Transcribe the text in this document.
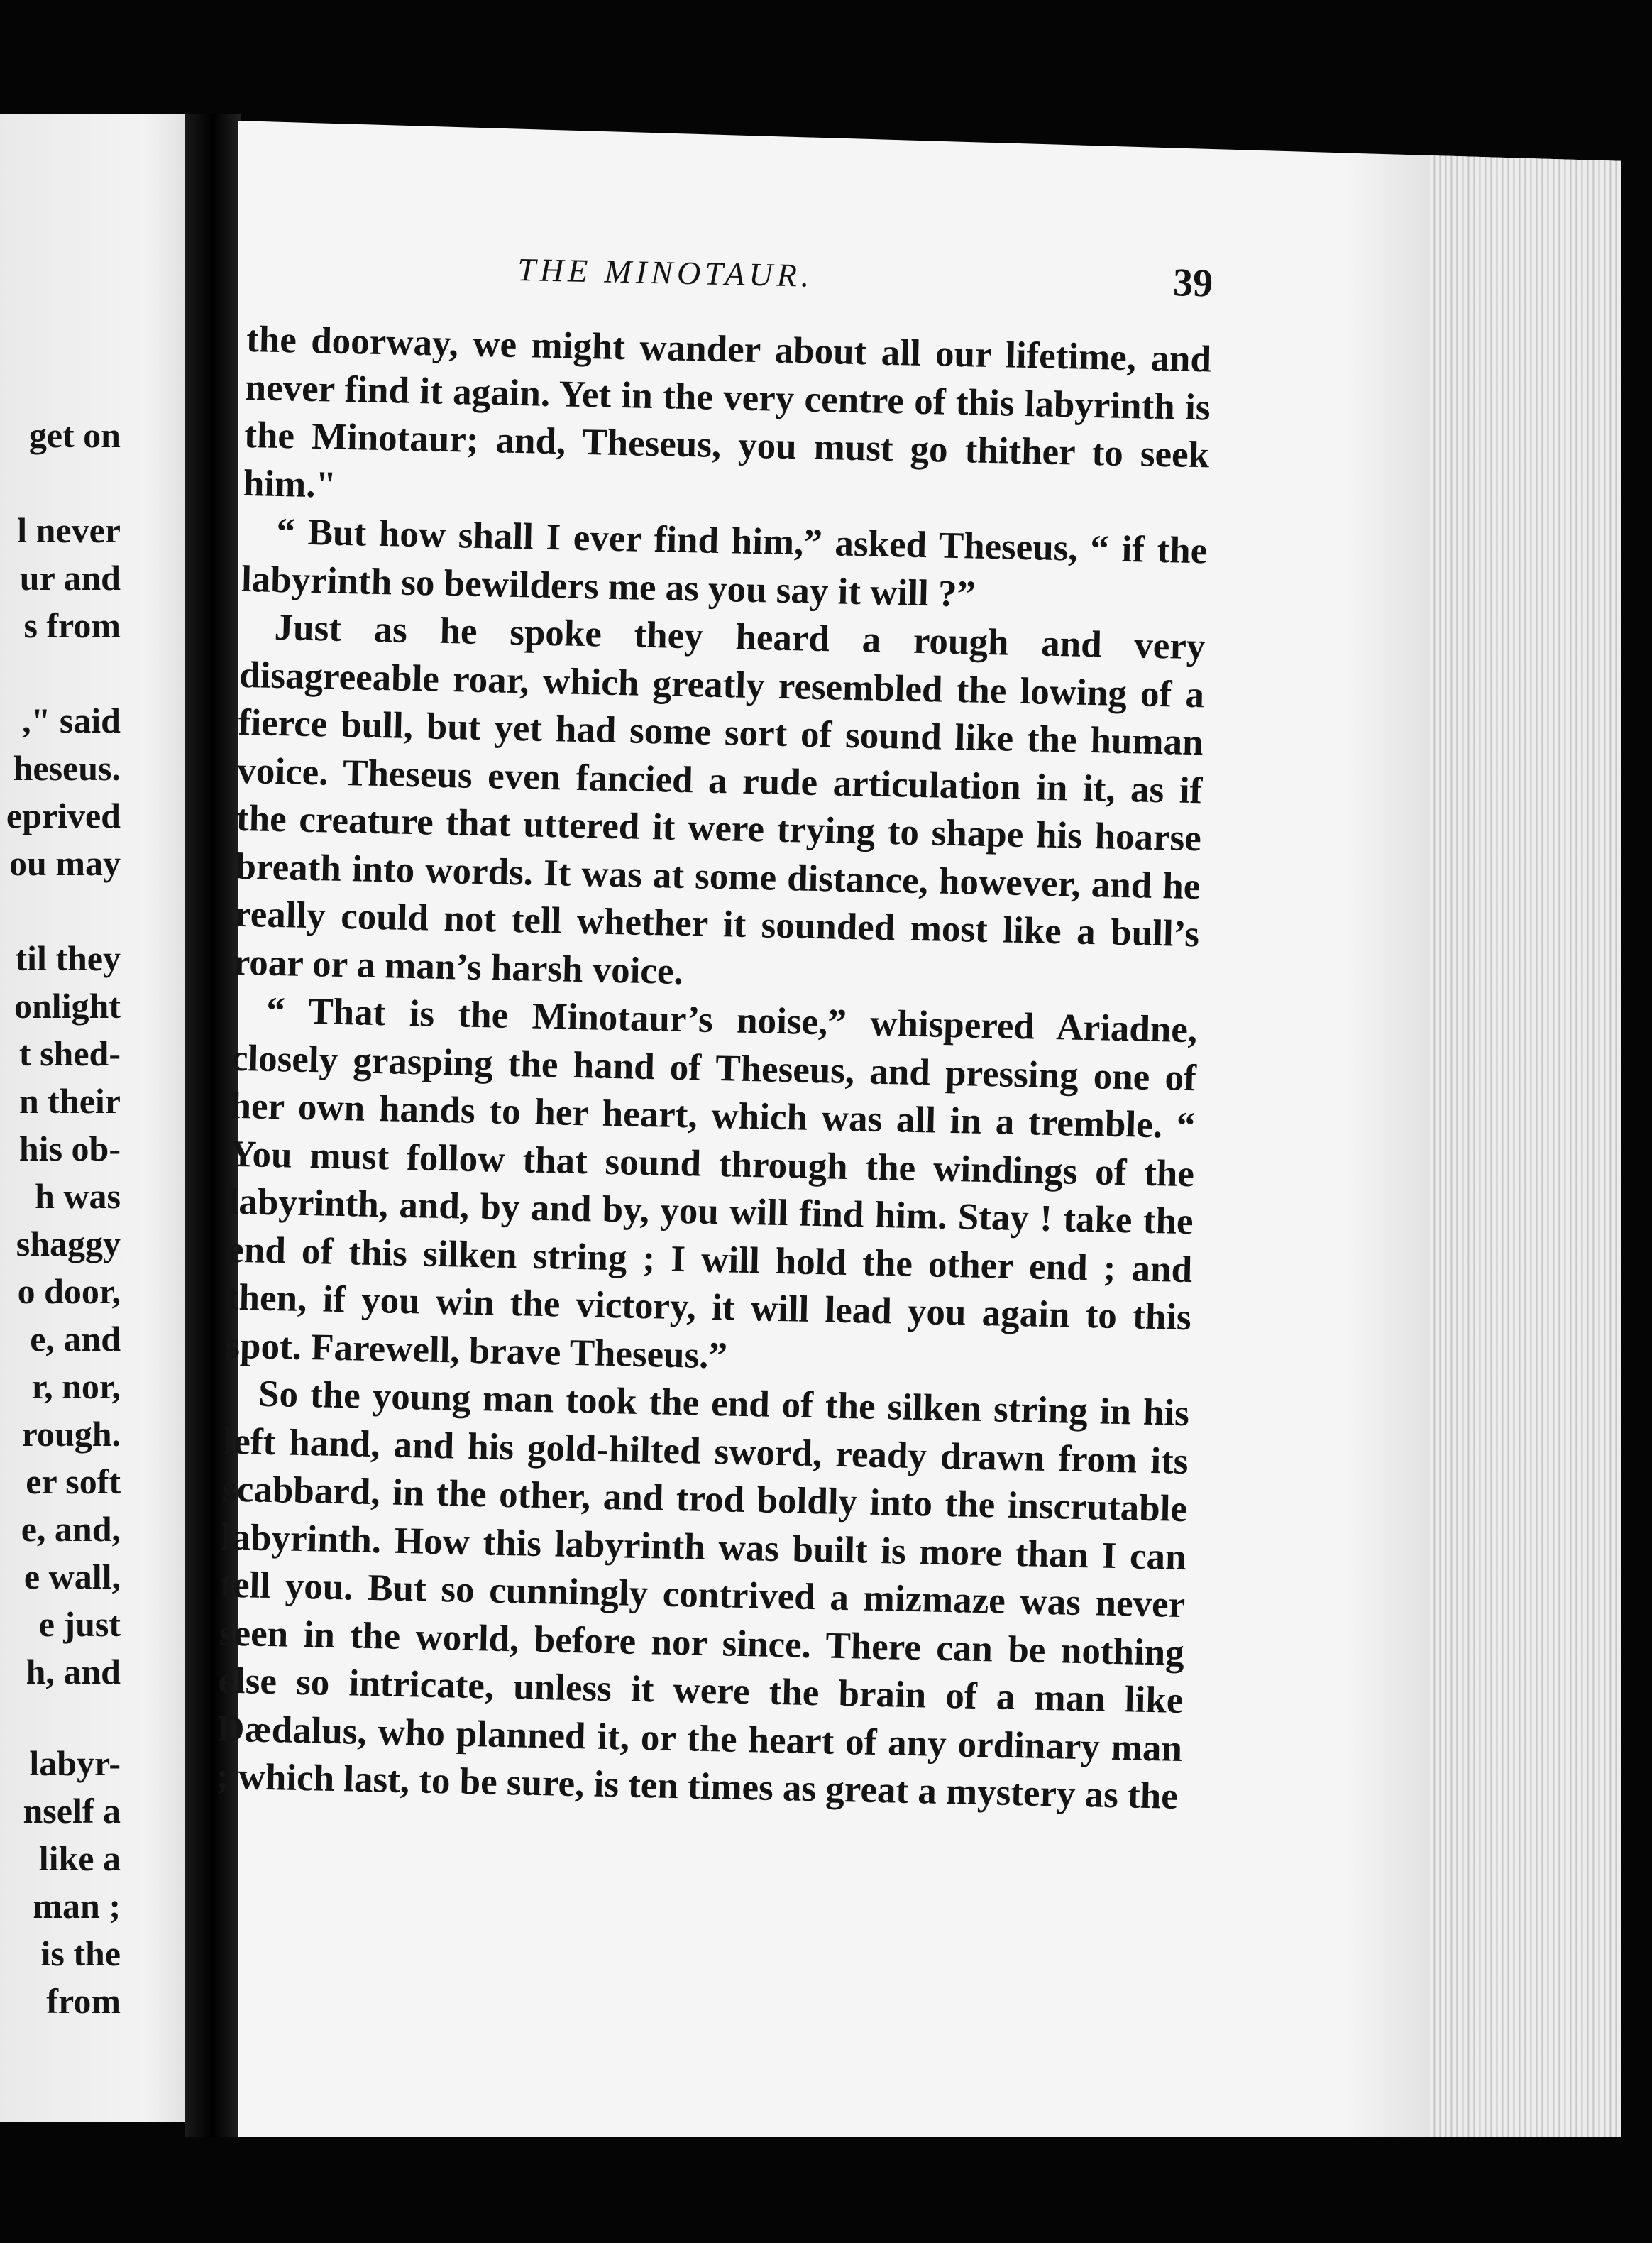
get on
l never
ur and
s from
," said
heseus.
eprived
ou may
til they
onlight
t shed-
n their
his ob-
h was
shaggy
o door,
e, and
r, nor,
rough.
er soft
e, and,
e wall,
e just
h, and
labyr-
nself a
like a
man ;
is the
from
THE MINOTAUR.	39

the doorway, we might wander about all our lifetime, and never find it again. Yet in the very centre of this labyrinth is the Minotaur; and, Theseus, you must go thither to seek him."

“ But how shall I ever find him,” asked Theseus, “ if the labyrinth so bewilders me as you say it will ?”

Just as he spoke they heard a rough and very disagreeable roar, which greatly resembled the lowing of a fierce bull, but yet had some sort of sound like the human voice. Theseus even fancied a rude articulation in it, as if the creature that uttered it were trying to shape his hoarse breath into words. It was at some distance, however, and he really could not tell whether it sounded most like a bull’s roar or a man’s harsh voice.

“ That is the Minotaur’s noise,” whispered Ariadne, closely grasping the hand of Theseus, and pressing one of her own hands to her heart, which was all in a tremble. “ You must follow that sound through the windings of the labyrinth, and, by and by, you will find him. Stay ! take the end of this silken string ; I will hold the other end ; and then, if you win the victory, it will lead you again to this spot. Farewell, brave Theseus.”

So the young man took the end of the silken string in his left hand, and his gold-hilted sword, ready drawn from its scabbard, in the other, and trod boldly into the inscrutable labyrinth. How this labyrinth was built is more than I can tell you. But so cunningly contrived a mizmaze was never seen in the world, before nor since. There can be nothing else so intricate, unless it were the brain of a man like Dædalus, who planned it, or the heart of any ordinary man ; which last, to be sure, is ten times as great a mystery as the
